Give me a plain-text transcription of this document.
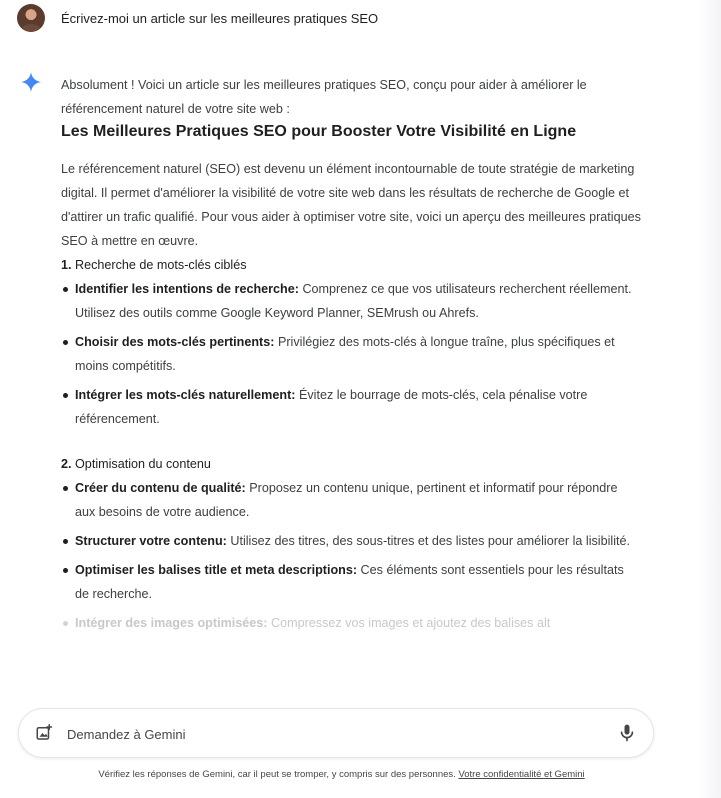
Écrivez-moi un article sur les meilleures pratiques SEO

Absolument ! Voici un article sur les meilleures pratiques SEO, conçu pour aider à améliorer le référencement naturel de votre site web :

Les Meilleures Pratiques SEO pour Booster Votre Visibilité en Ligne

Le référencement naturel (SEO) est devenu un élément incontournable de toute stratégie de marketing digital. Il permet d'améliorer la visibilité de votre site web dans les résultats de recherche de Google et d'attirer un trafic qualifié. Pour vous aider à optimiser votre site, voici un aperçu des meilleures pratiques SEO à mettre en œuvre.

1. Recherche de mots-clés ciblés

Identifier les intentions de recherche: Comprenez ce que vos utilisateurs recherchent réellement. Utilisez des outils comme Google Keyword Planner, SEMrush ou Ahrefs.
Choisir des mots-clés pertinents: Privilégiez des mots-clés à longue traîne, plus spécifiques et moins compétitifs.
Intégrer les mots-clés naturellement: Évitez le bourrage de mots-clés, cela pénalise votre référencement.

2. Optimisation du contenu

Créer du contenu de qualité: Proposez un contenu unique, pertinent et informatif pour répondre aux besoins de votre audience.
Structurer votre contenu: Utilisez des titres, des sous-titres et des listes pour améliorer la lisibilité.
Optimiser les balises title et meta descriptions: Ces éléments sont essentiels pour les résultats de recherche.
Intégrer des images optimisées: Compressez vos images et ajoutez des balises alt
Demandez à Gemini
Vérifiez les réponses de Gemini, car il peut se tromper, y compris sur des personnes. Votre confidentialité et Gemini
